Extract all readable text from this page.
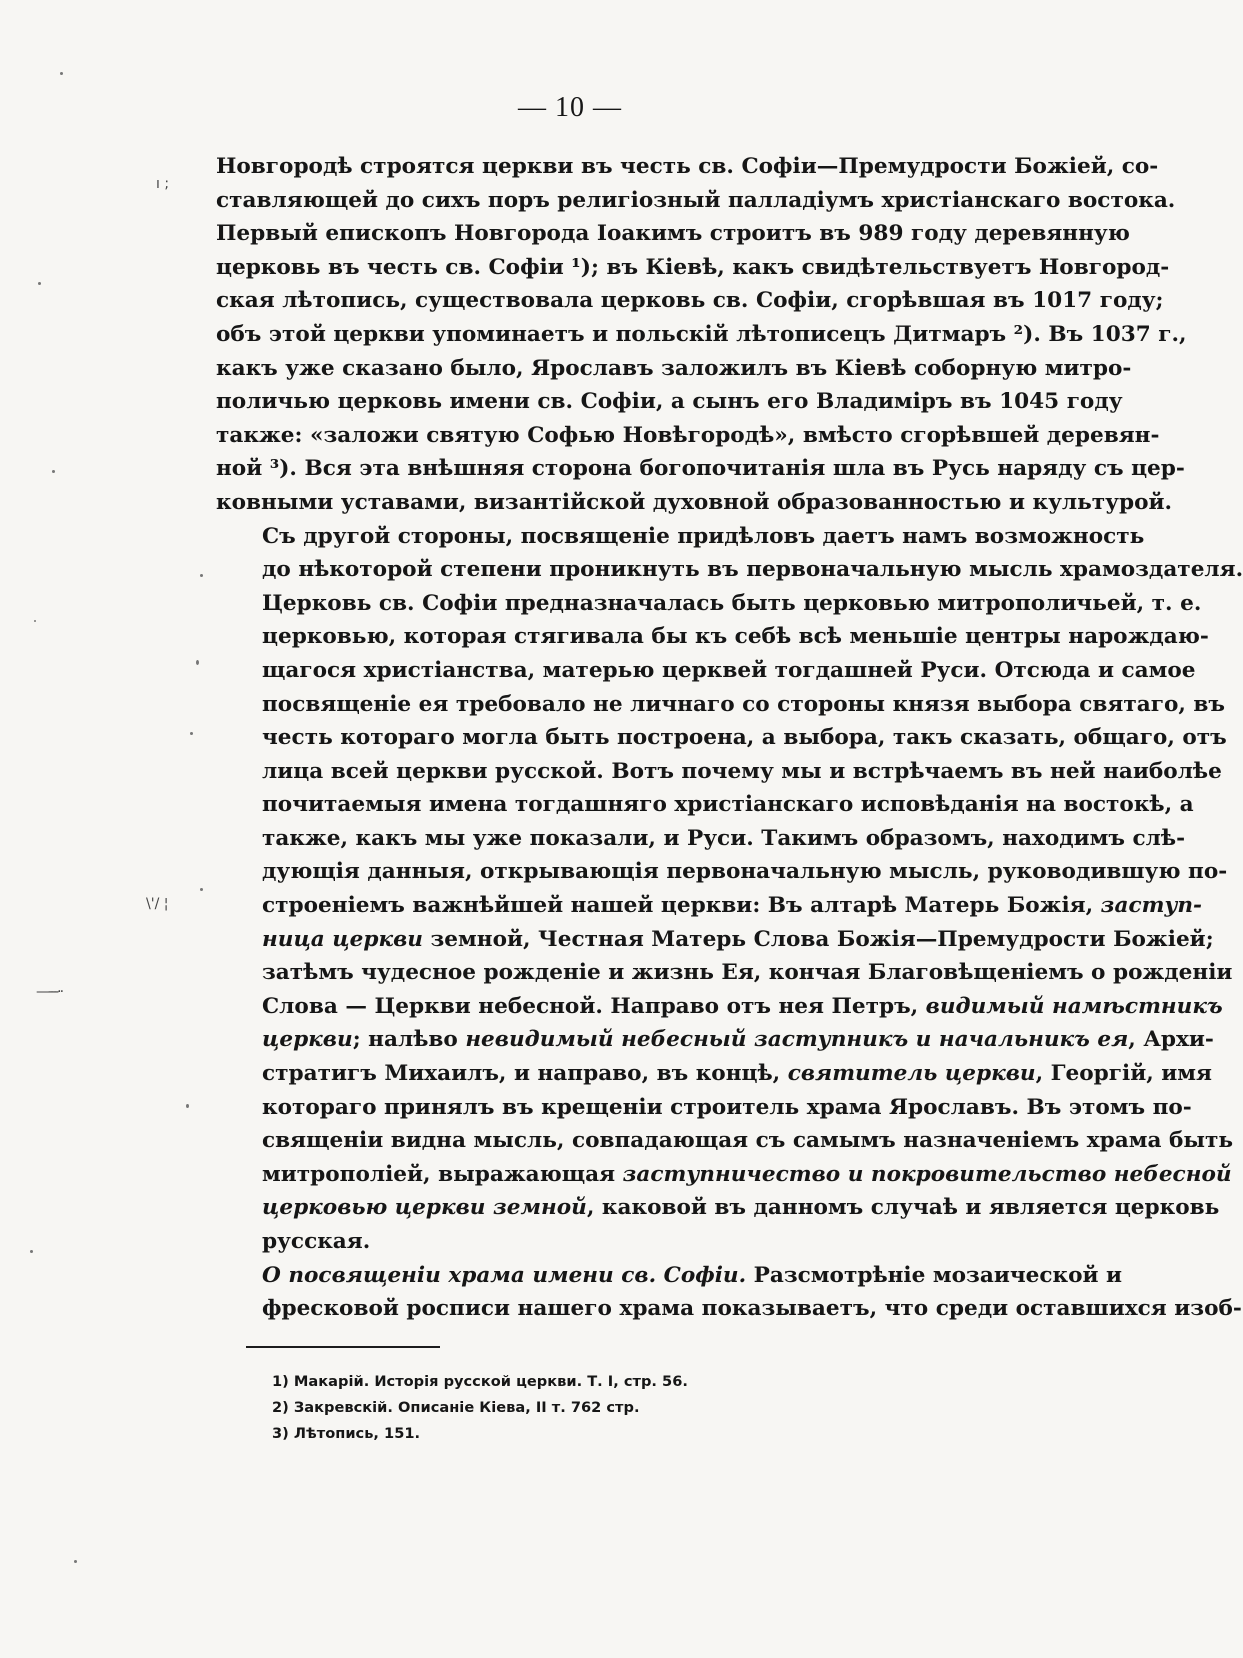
— 10 —

Новгородѣ строятся церкви въ честь св. Софіи—Премудрости Божіей, со-
ставляющей до сихъ поръ религіозный палладіумъ христіанскаго востока.
Первый епископъ Новгорода Іоакимъ строитъ въ 989 году деревянную
церковь въ честь св. Софіи ¹); въ Кіевѣ, какъ свидѣтельствуетъ Новгород-
ская лѣтопись, существовала церковь св. Софіи, сгорѣвшая въ 1017 году;
объ этой церкви упоминаетъ и польскій лѣтописецъ Дитмаръ ²). Въ 1037 г.,
какъ уже сказано было, Ярославъ заложилъ въ Кіевѣ соборную митро-
поличью церковь имени св. Софіи, а сынъ его Владиміръ въ 1045 году
также: «заложи святую Софью Новѣгородѣ», вмѣсто сгорѣвшей деревян-
ной ³). Вся эта внѣшняя сторона богопочитанія шла въ Русь наряду съ цер-
ковными уставами, византійской духовной образованностью и культурой.

Съ другой стороны, посвященіе придѣловъ даетъ намъ возможность
до нѣкоторой степени проникнуть въ первоначальную мысль храмоздателя.
Церковь св. Софіи предназначалась быть церковью митрополичьей, т. е.
церковью, которая стягивала бы къ себѣ всѣ меньшіе центры нарождаю-
щагося христіанства, матерью церквей тогдашней Руси. Отсюда и самое
посвященіе ея требовало не личнаго со стороны князя выбора святаго, въ
честь котораго могла быть построена, а выбора, такъ сказать, общаго, отъ
лица всей церкви русской. Вотъ почему мы и встрѣчаемъ въ ней наиболѣе
почитаемыя имена тогдашняго христіанскаго исповѣданія на востокѣ, а
также, какъ мы уже показали, и Руси. Такимъ образомъ, находимъ слѣ-
дующія данныя, открывающія первоначальную мысль, руководившую по-
строеніемъ важнѣйшей нашей церкви: Въ алтарѣ Матерь Божія, заступ-
ница церкви земной, Честная Матерь Слова Божія—Премудрости Божіей;
затѣмъ чудесное рожденіе и жизнь Ея, кончая Благовѣщеніемъ о рожденіи
Слова — Церкви небесной. Направо отъ нея Петръ, видимый намѣстникъ
церкви; налѣво невидимый небесный заступникъ и начальникъ ея, Архи-
стратигъ Михаилъ, и направо, въ концѣ, святитель церкви, Георгій, имя
котораго принялъ въ крещеніи строитель храма Ярославъ. Въ этомъ по-
священіи видна мысль, совпадающая съ самымъ назначеніемъ храма быть
митрополіей, выражающая заступничество и покровительство небесной
церковью церкви земной, каковой въ данномъ случаѣ и является церковь
русская.

О посвященіи храма имени св. Софіи. Разсмотрѣніе мозаической и
фресковой росписи нашего храма показываетъ, что среди оставшихся изоб-

1) Макарій. Исторія русской церкви. Т. I, стр. 56.
2) Закревскій. Описаніе Кіева, II т. 762 стр.
3) Лѣтопись, 151.
ı ;
\'/ ¦
—---··
